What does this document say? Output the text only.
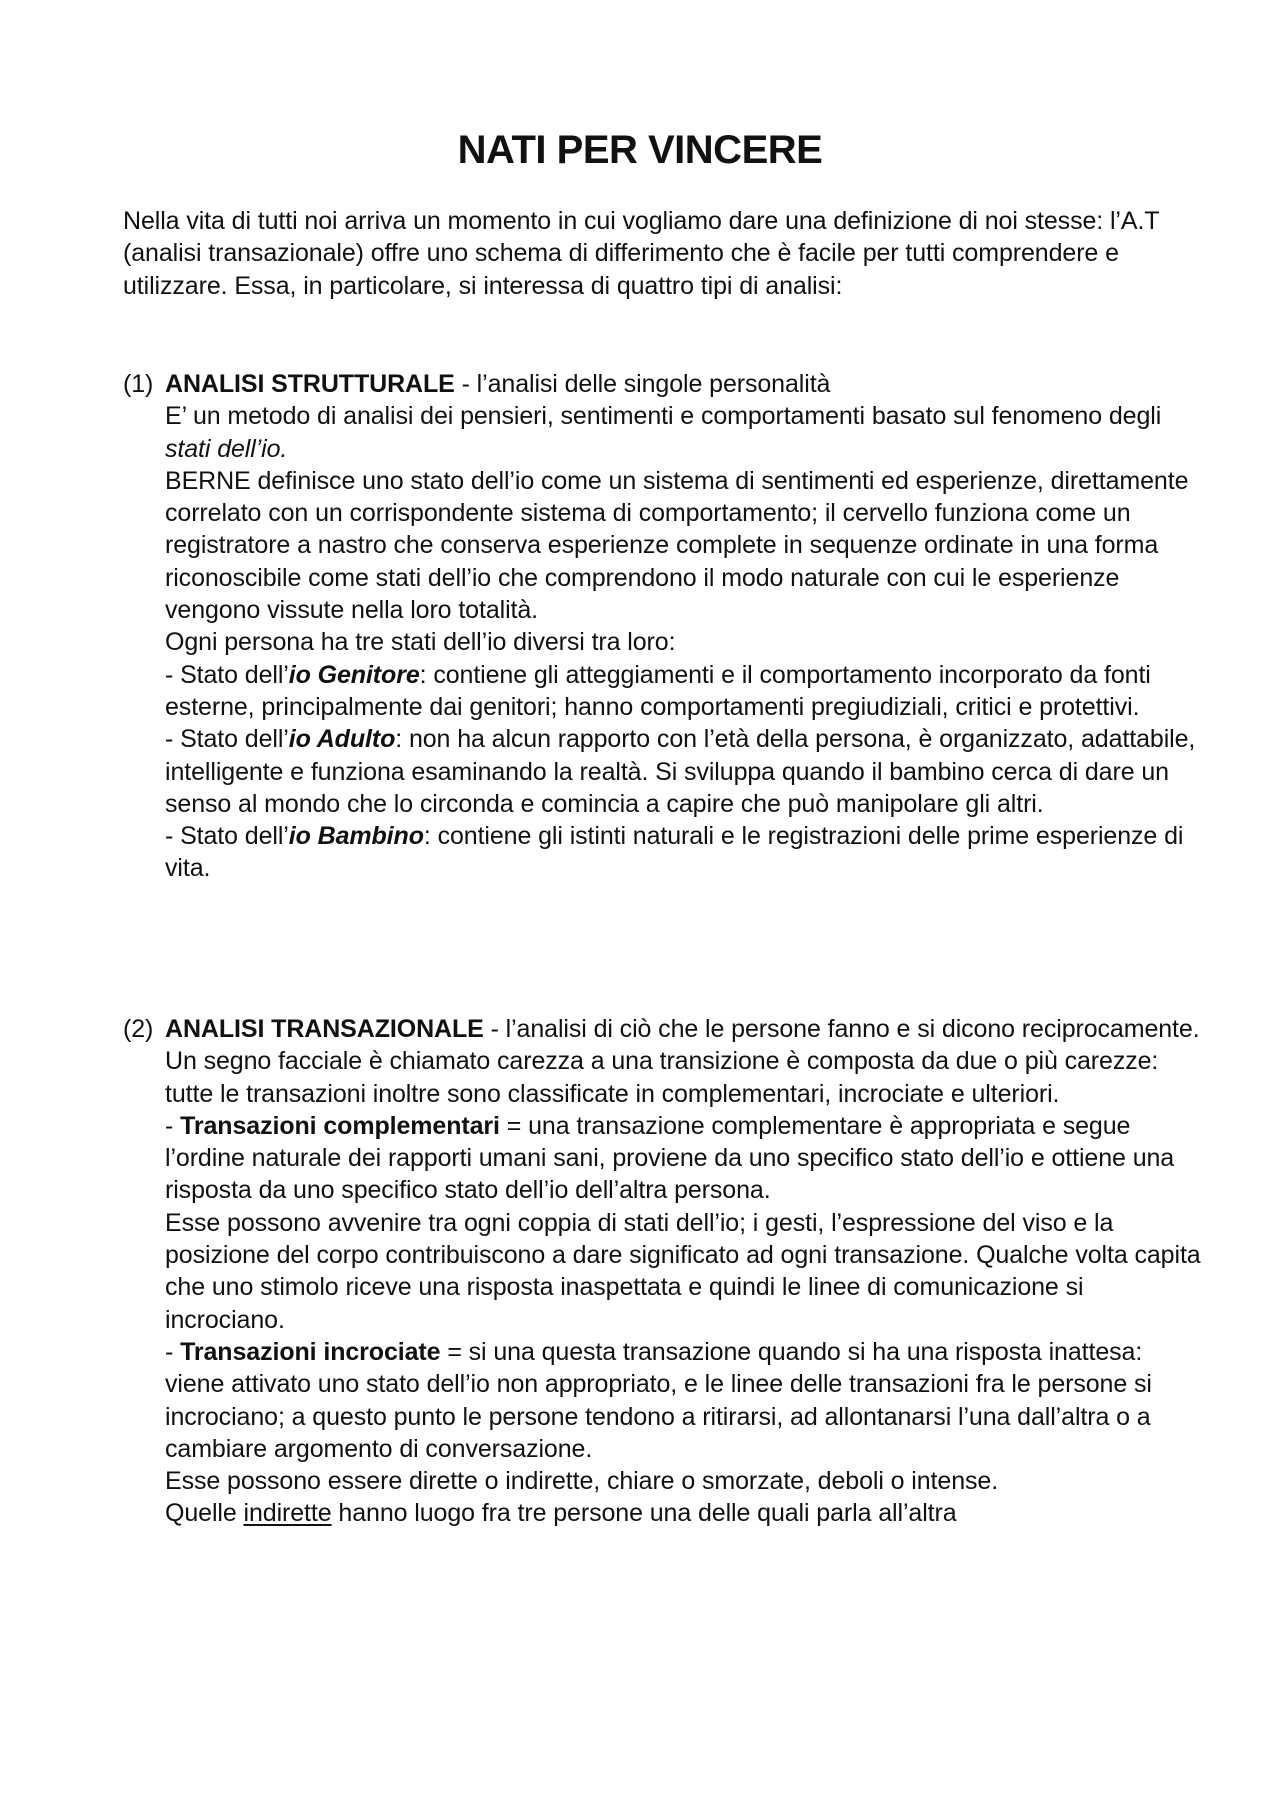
NATI PER VINCERE

Nella vita di tutti noi arriva un momento in cui vogliamo dare una definizione di noi stesse: l’A.T (analisi transazionale) offre uno schema di differimento che è facile per tutti comprendere e utilizzare. Essa, in particolare, si interessa di quattro tipi di analisi:

(1) ANALISI STRUTTURALE - l’analisi delle singole personalità

E’ un metodo di analisi dei pensieri, sentimenti e comportamenti basato sul fenomeno degli stati dell’io.

BERNE definisce uno stato dell’io come un sistema di sentimenti ed esperienze, direttamente correlato con un corrispondente sistema di comportamento; il cervello funziona come un registratore a nastro che conserva esperienze complete in sequenze ordinate in una forma riconoscibile come stati dell’io che comprendono il modo naturale con cui le esperienze vengono vissute nella loro totalità.

Ogni persona ha tre stati dell’io diversi tra loro:

- Stato dell’io Genitore: contiene gli atteggiamenti e il comportamento incorporato da fonti esterne, principalmente dai genitori; hanno comportamenti pregiudiziali, critici e protettivi.

- Stato dell’io Adulto: non ha alcun rapporto con l’età della persona, è organizzato, adattabile, intelligente e funziona esaminando la realtà. Si sviluppa quando il bambino cerca di dare un senso al mondo che lo circonda e comincia a capire che può manipolare gli altri.

- Stato dell’io Bambino: contiene gli istinti naturali e le registrazioni delle prime esperienze di vita.

(2) ANALISI TRANSAZIONALE - l’analisi di ciò che le persone fanno e si dicono reciprocamente.

Un segno facciale è chiamato carezza a una transizione è composta da due o più carezze: tutte le transazioni inoltre sono classificate in complementari, incrociate e ulteriori.

- Transazioni complementari = una transazione complementare è appropriata e segue l’ordine naturale dei rapporti umani sani, proviene da uno specifico stato dell’io e ottiene una risposta da uno specifico stato dell’io dell’altra persona.

Esse possono avvenire tra ogni coppia di stati dell’io; i gesti, l’espressione del viso e la posizione del corpo contribuiscono a dare significato ad ogni transazione. Qualche volta capita che uno stimolo riceve una risposta inaspettata e quindi le linee di comunicazione si incrociano.

- Transazioni incrociate = si una questa transazione quando si ha una risposta inattesa: viene attivato uno stato dell’io non appropriato, e le linee delle transazioni fra le persone si incrociano; a questo punto le persone tendono a ritirarsi, ad allontanarsi l’una dall’altra o a cambiare argomento di conversazione.

Esse possono essere dirette o indirette, chiare o smorzate, deboli o intense.

Quelle indirette hanno luogo fra tre persone una delle quali parla all’altra
